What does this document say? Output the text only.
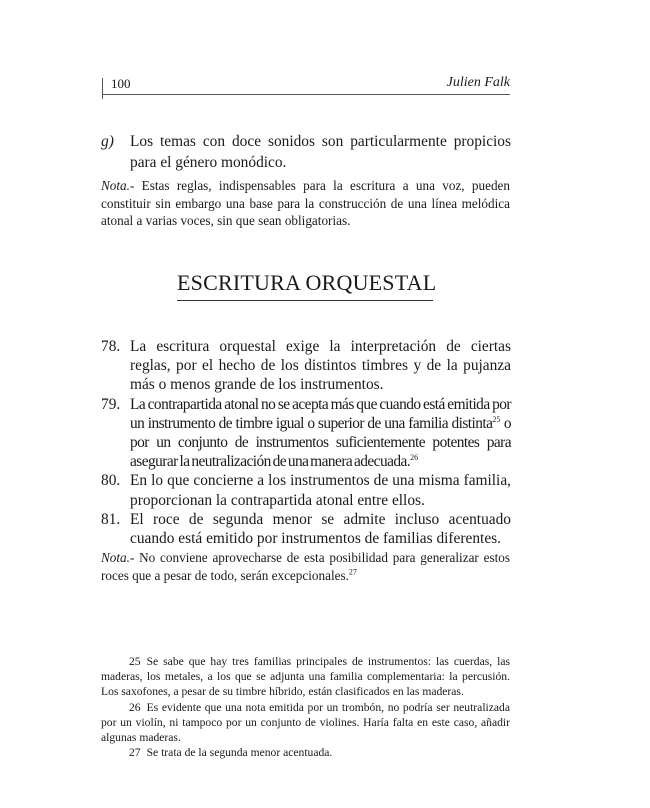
100	Julien Falk
g) Los temas con doce sonidos son particularmente propicios para el género monódico.
Nota.- Estas reglas, indispensables para la escritura a una voz, pueden constituir sin embargo una base para la construcción de una línea melódica atonal a varias voces, sin que sean obligatorias.
ESCRITURA ORQUESTAL
78. La escritura orquestal exige la interpretación de ciertas reglas, por el hecho de los distintos timbres y de la pujanza más o menos grande de los instrumentos.
79. La contrapartida atonal no se acepta más que cuando está emitida por un instrumento de timbre igual o superior de una familia distinta$^{25}$ o por un conjunto de instrumentos suficientemente potentes para asegurar la neutralización de una manera adecuada.$^{26}$
80. En lo que concierne a los instrumentos de una misma familia, proporcionan la contrapartida atonal entre ellos.
81. El roce de segunda menor se admite incluso acentuado cuando está emitido por instrumentos de familias diferentes.
Nota.- No conviene aprovecharse de esta posibilidad para generalizar estos roces que a pesar de todo, serán excepcionales.$^{27}$
25 Se sabe que hay tres familias principales de instrumentos: las cuerdas, las maderas, los metales, a los que se adjunta una familia complementaria: la percusión. Los saxofones, a pesar de su timbre híbrido, están clasificados en las maderas.
26 Es evidente que una nota emitida por un trombón, no podría ser neutralizada por un violín, ni tampoco por un conjunto de violines. Haría falta en este caso, añadir algunas maderas.
27 Se trata de la segunda menor acentuada.
